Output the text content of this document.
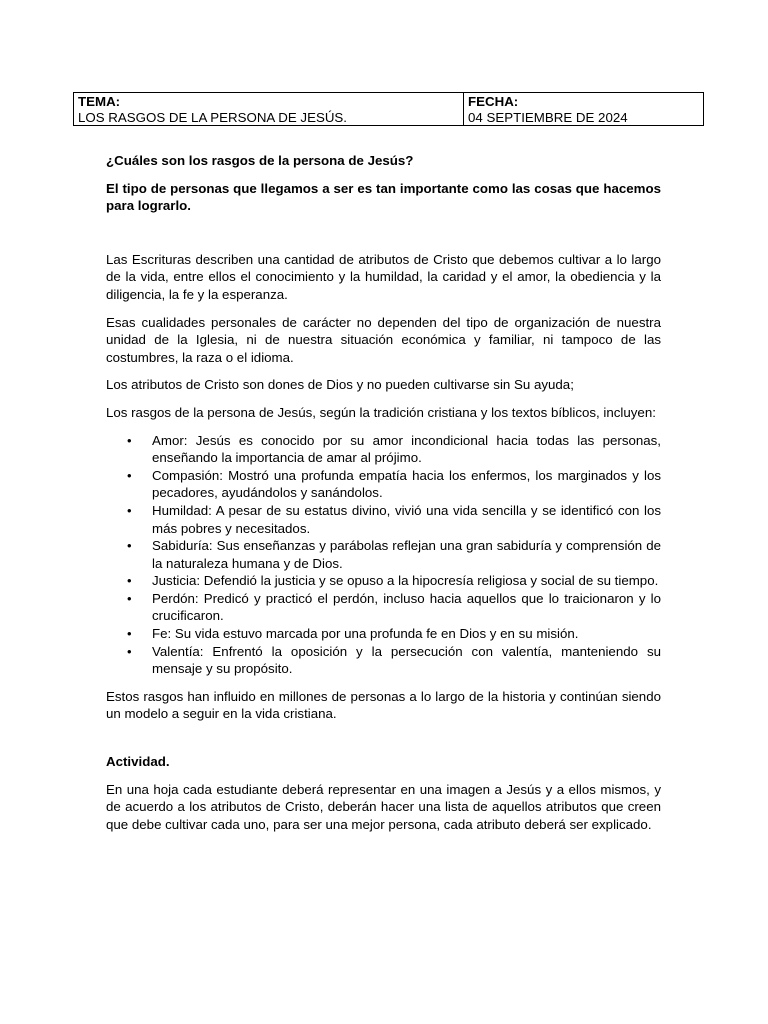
TEMA:
LOS RASGOS DE LA PERSONA DE JESÚS.
FECHA:
04 SEPTIEMBRE DE 2024

¿Cuáles son los rasgos de la persona de Jesús?

El tipo de personas que llegamos a ser es tan importante como las cosas que hacemos para lograrlo.

Las Escrituras describen una cantidad de atributos de Cristo que debemos cultivar a lo largo de la vida, entre ellos el conocimiento y la humildad, la caridad y el amor, la obediencia y la diligencia, la fe y la esperanza.

Esas cualidades personales de carácter no dependen del tipo de organización de nuestra unidad de la Iglesia, ni de nuestra situación económica y familiar, ni tampoco de las costumbres, la raza o el idioma.

Los atributos de Cristo son dones de Dios y no pueden cultivarse sin Su ayuda;

Los rasgos de la persona de Jesús, según la tradición cristiana y los textos bíblicos, incluyen:

• Amor: Jesús es conocido por su amor incondicional hacia todas las personas, enseñando la importancia de amar al prójimo.
• Compasión: Mostró una profunda empatía hacia los enfermos, los marginados y los pecadores, ayudándolos y sanándolos.
• Humildad: A pesar de su estatus divino, vivió una vida sencilla y se identificó con los más pobres y necesitados.
• Sabiduría: Sus enseñanzas y parábolas reflejan una gran sabiduría y comprensión de la naturaleza humana y de Dios.
• Justicia: Defendió la justicia y se opuso a la hipocresía religiosa y social de su tiempo.
• Perdón: Predicó y practicó el perdón, incluso hacia aquellos que lo traicionaron y lo crucificaron.
• Fe: Su vida estuvo marcada por una profunda fe en Dios y en su misión.
• Valentía: Enfrentó la oposición y la persecución con valentía, manteniendo su mensaje y su propósito.

Estos rasgos han influido en millones de personas a lo largo de la historia y continúan siendo un modelo a seguir en la vida cristiana.

Actividad.

En una hoja cada estudiante deberá representar en una imagen a Jesús y a ellos mismos, y de acuerdo a los atributos de Cristo, deberán hacer una lista de aquellos atributos que creen que debe cultivar cada uno, para ser una mejor persona, cada atributo deberá ser explicado.
